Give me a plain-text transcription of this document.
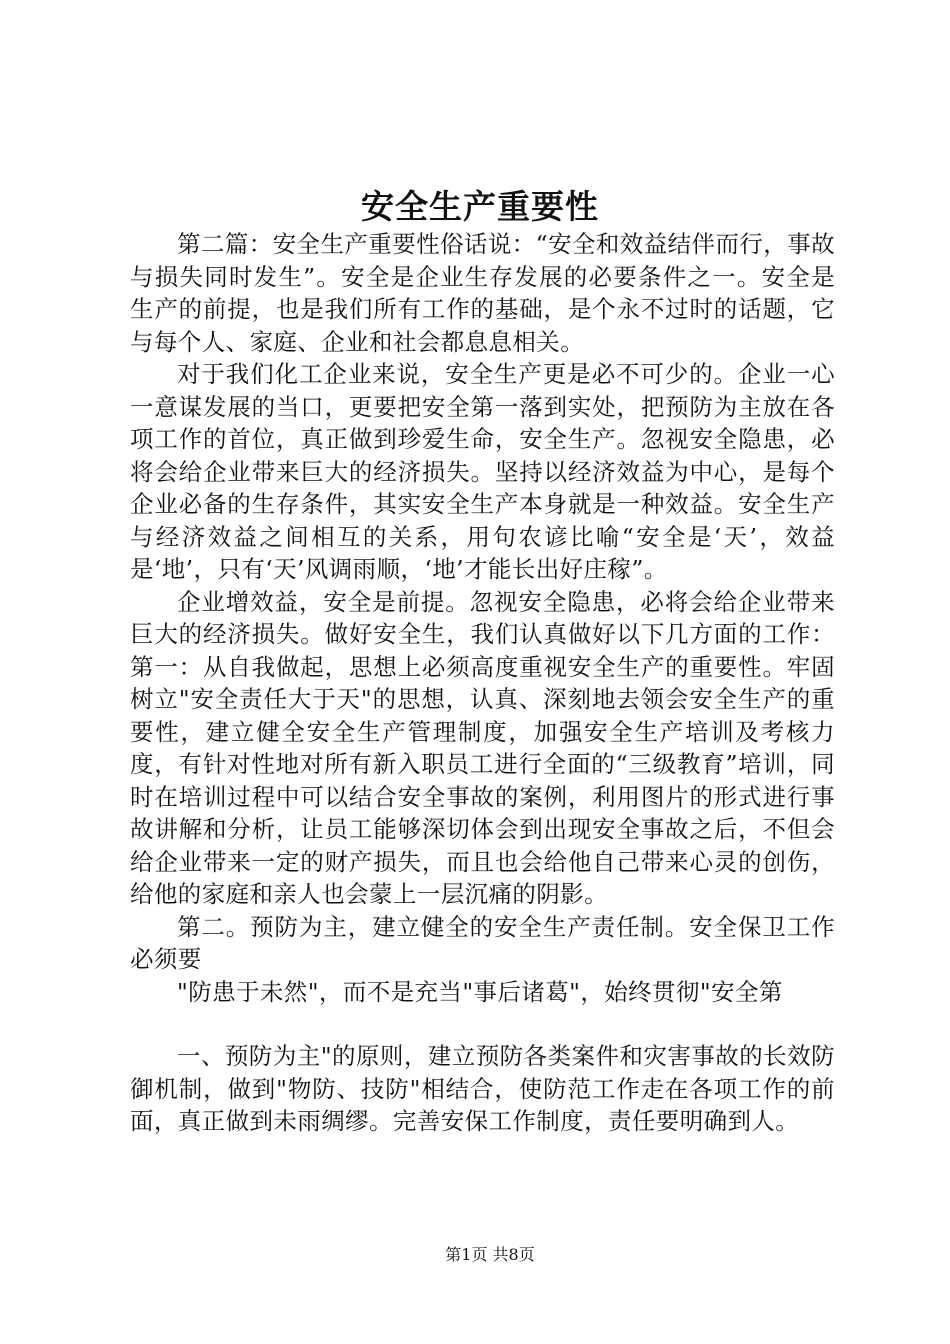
安全生产重要性

第二篇：安全生产重要性俗话说：“安全和效益结伴而行，事故与损失同时发生”。安全是企业生存发展的必要条件之一。安全是生产的前提，也是我们所有工作的基础，是个永不过时的话题，它与每个人、家庭、企业和社会都息息相关。

对于我们化工企业来说，安全生产更是必不可少的。企业一心一意谋发展的当口，更要把安全第一落到实处，把预防为主放在各项工作的首位，真正做到珍爱生命，安全生产。忽视安全隐患，必将会给企业带来巨大的经济损失。坚持以经济效益为中心，是每个企业必备的生存条件，其实安全生产本身就是一种效益。安全生产与经济效益之间相互的关系，用句农谚比喻“安全是‘天’，效益是‘地’，只有‘天’风调雨顺，‘地’才能长出好庄稼”。

企业增效益，安全是前提。忽视安全隐患，必将会给企业带来巨大的经济损失。做好安全生，我们认真做好以下几方面的工作：第一：从自我做起，思想上必须高度重视安全生产的重要性。牢固树立"安全责任大于天"的思想，认真、深刻地去领会安全生产的重要性，建立健全安全生产管理制度，加强安全生产培训及考核力度，有针对性地对所有新入职员工进行全面的“三级教育”培训，同时在培训过程中可以结合安全事故的案例，利用图片的形式进行事故讲解和分析，让员工能够深切体会到出现安全事故之后，不但会给企业带来一定的财产损失，而且也会给他自己带来心灵的创伤，给他的家庭和亲人也会蒙上一层沉痛的阴影。

第二。预防为主，建立健全的安全生产责任制。安全保卫工作必须要

"防患于未然"，而不是充当"事后诸葛"，始终贯彻"安全第

一、预防为主"的原则，建立预防各类案件和灾害事故的长效防御机制，做到"物防、技防"相结合，使防范工作走在各项工作的前面，真正做到未雨绸缪。完善安保工作制度，责任要明确到人。

第1页 共8页
